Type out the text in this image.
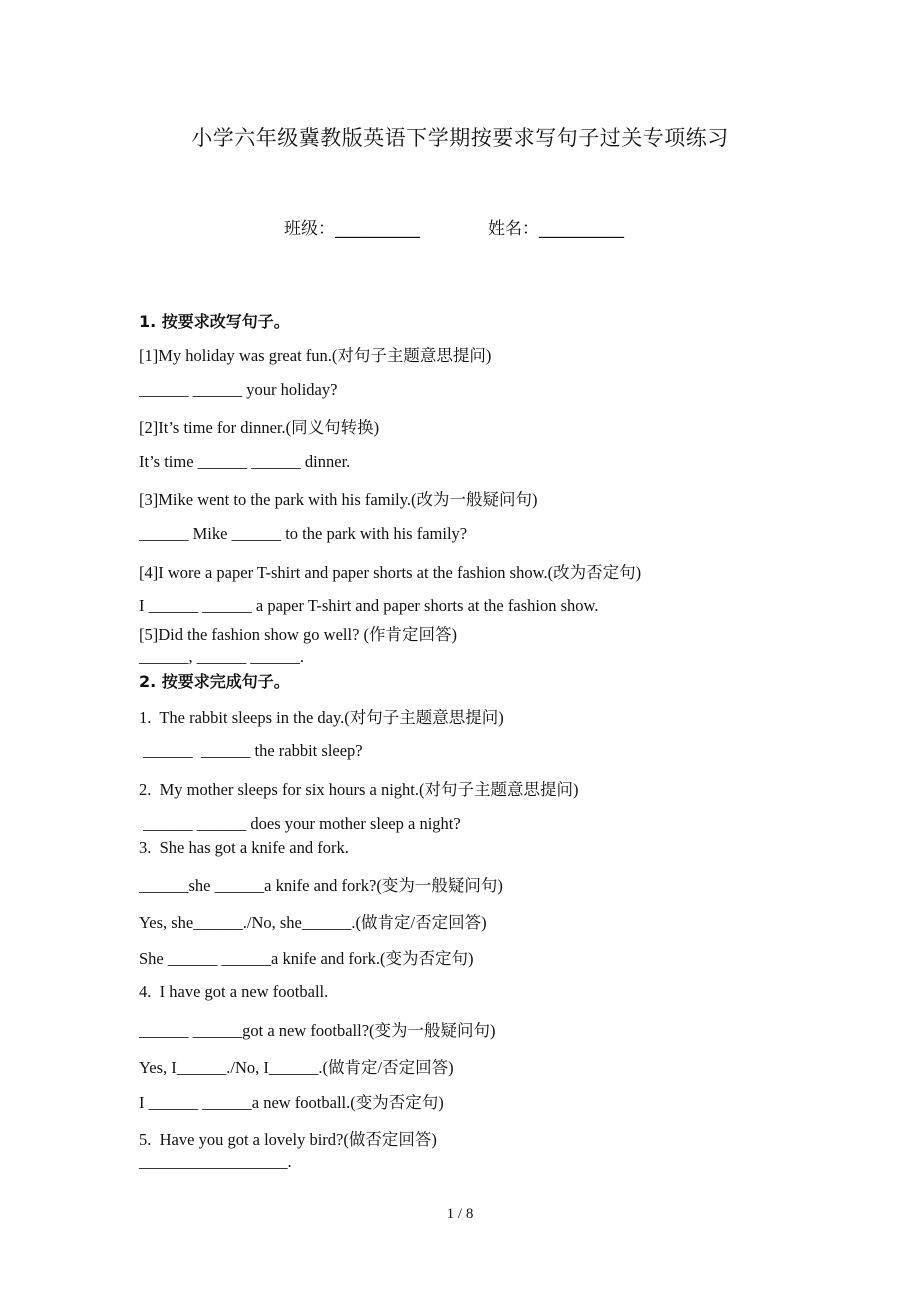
小学六年级冀教版英语下学期按要求写句子过关专项练习
班级：__________	姓名：__________
1. 按要求改写句子。
[1]My holiday was great fun.(对句子主题意思提问)
______ ______ your holiday?
[2]It’s time for dinner.(同义句转换)
It’s time ______ ______ dinner.
[3]Mike went to the park with his family.(改为一般疑问句)
______ Mike ______ to the park with his family?
[4]I wore a paper T-shirt and paper shorts at the fashion show.(改为否定句)
I ______ ______ a paper T-shirt and paper shorts at the fashion show.
[5]Did the fashion show go well? (作肯定回答)
______, ______ ______.
2. 按要求完成句子。
1.  The rabbit sleeps in the day.(对句子主题意思提问)
______  ______ the rabbit sleep?
2.  My mother sleeps for six hours a night.(对句子主题意思提问)
______ ______ does your mother sleep a night?
3.  She has got a knife and fork.
______she ______a knife and fork?(变为一般疑问句)
Yes, she______./No, she______.(做肯定/否定回答)
She ______ ______a knife and fork.(变为否定句)
4.  I have got a new football.
______ ______got a new football?(变为一般疑问句)
Yes, I______./No, I______.(做肯定/否定回答)
I ______ ______a new football.(变为否定句)
5.  Have you got a lovely bird?(做否定回答)
__________________.
1 / 8
